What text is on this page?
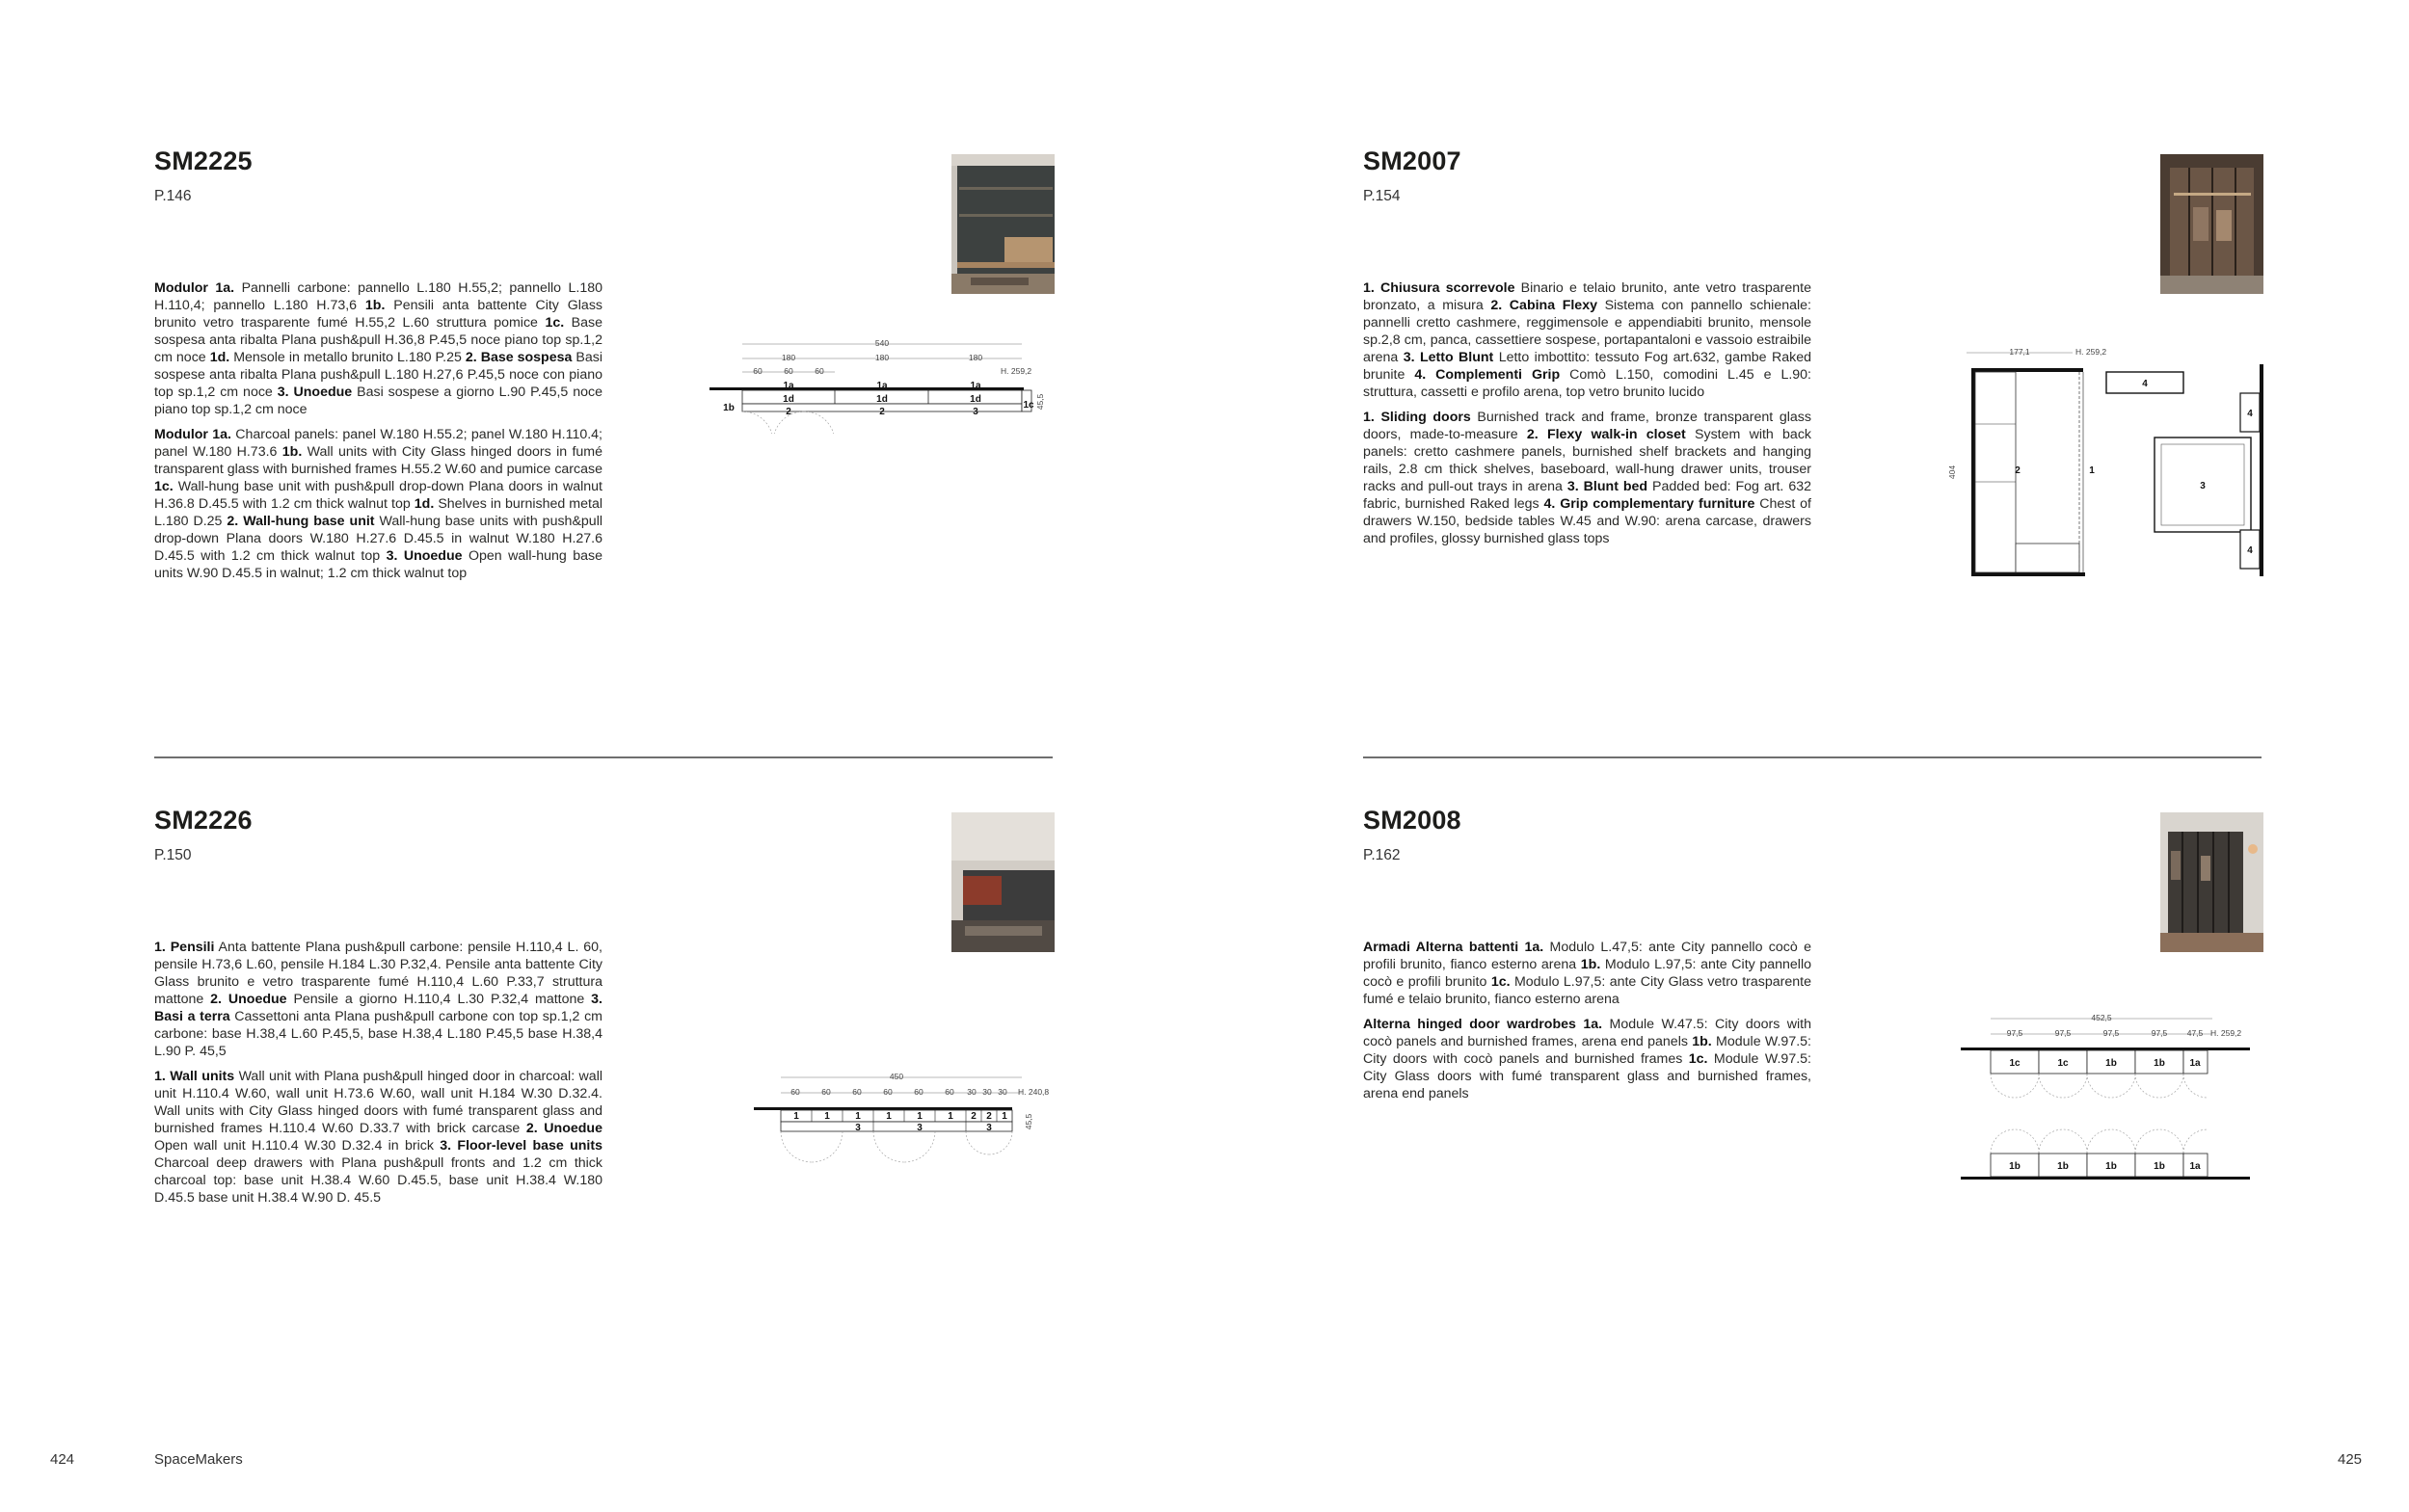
SM2225
P.146

Modulor 1a. Pannelli carbone: pannello L.180 H.55,2; pannello L.180 H.110,4; pannello L.180 H.73,6 1b. Pensili anta battente City Glass brunito vetro trasparente fumé H.55,2 L.60 struttura pomice 1c. Base sospesa anta ribalta Plana push&pull H.36,8 P.45,5 noce piano top sp.1,2 cm noce 1d. Mensole in metallo brunito L.180 P.25 2. Base sospesa Basi sospese anta ribalta Plana push&pull L.180 H.27,6 P.45,5 noce con piano top sp.1,2 cm noce 3. Unoedue Basi sospese a giorno L.90 P.45,5 noce piano top sp.1,2 cm noce

Modulor 1a. Charcoal panels: panel W.180 H.55.2; panel W.180 H.110.4; panel W.180 H.73.6 1b. Wall units with City Glass hinged doors in fumé transparent glass with burnished frames H.55.2 W.60 and pumice carcase 1c. Wall-hung base unit with push&pull drop-down Plana doors in walnut H.36.8 D.45.5 with 1.2 cm thick walnut top 1d. Shelves in burnished metal L.180 D.25 2. Wall-hung base unit Wall-hung base units with push&pull drop-down Plana doors W.180 H.27.6 D.45.5 in walnut W.180 H.27.6 D.45.5 with 1.2 cm thick walnut top 3. Unoedue Open wall-hung base units W.90 D.45.5 in walnut; 1.2 cm thick walnut top

540
180	180	180
60	60	60	H. 259,2
1a	1a	1a
1d	1d	1d
2	2	3
1b	1c 45,5
SM2007
P.154

1. Chiusura scorrevole Binario e telaio brunito, ante vetro trasparente bronzato, a misura 2. Cabina Flexy Sistema con pannello schienale: pannelli cretto cashmere, reggimensole e appendiabiti brunito, mensole sp.2,8 cm, panca, cassettiere sospese, portapantaloni e vassoio estraibile arena 3. Letto Blunt Letto imbottito: tessuto Fog art.632, gambe Raked brunite 4. Complementi Grip Comò L.150, comodini L.45 e L.90: struttura, cassetti e profilo arena, top vetro brunito lucido

1. Sliding doors Burnished track and frame, bronze transparent glass doors, made-to-measure 2. Flexy walk-in closet System with back panels: cretto cashmere panels, burnished shelf brackets and hanging rails, 2.8 cm thick shelves, baseboard, wall-hung drawer units, trouser racks and pull-out trays in arena 3. Blunt bed Padded bed: Fog art. 632 fabric, burnished Raked legs 4. Grip complementary furniture Chest of drawers W.150, bedside tables W.45 and W.90: arena carcase, drawers and profiles, glossy burnished glass tops

177,1	H. 259,2
404	2	1
4
3
4
4
SM2226
P.150

1. Pensili Anta battente Plana push&pull carbone: pensile H.110,4 L. 60, pensile H.73,6 L.60, pensile H.184 L.30 P.32,4. Pensile anta battente City Glass brunito e vetro trasparente fumé H.110,4 L.60 P.33,7 struttura mattone 2. Unoedue Pensile a giorno H.110,4 L.30 P.32,4 mattone 3. Basi a terra Cassettoni anta Plana push&pull carbone con top sp.1,2 cm carbone: base H.38,4 L.60 P.45,5, base H.38,4 L.180 P.45,5 base H.38,4 L.90 P. 45,5

1. Wall units Wall unit with Plana push&pull hinged door in charcoal: wall unit H.110.4 W.60, wall unit H.73.6 W.60, wall unit H.184 W.30 D.32.4. Wall units with City Glass hinged doors with fumé transparent glass and burnished frames H.110.4 W.60 D.33.7 with brick carcase 2. Unoedue Open wall unit H.110.4 W.30 D.32.4 in brick 3. Floor-level base units Charcoal deep drawers with Plana push&pull fronts and 1.2 cm thick charcoal top: base unit H.38.4 W.60 D.45.5, base unit H.38.4 W.180 D.45.5 base unit H.38.4 W.90 D. 45.5

450
60	60	60	60	60	60 30 30 30 H. 240,8
1	1	1	1	1	1 2 2 1
3	3	3	45,5
SM2008
P.162

Armadi Alterna battenti 1a. Modulo L.47,5: ante City pannello cocò e profili brunito, fianco esterno arena 1b. Modulo L.97,5: ante City pannello cocò e profili brunito 1c. Modulo L.97,5: ante City Glass vetro trasparente fumé e telaio brunito, fianco esterno arena

Alterna hinged door wardrobes 1a. Module W.47.5: City doors with cocò panels and burnished frames, arena end panels 1b. Module W.97.5: City doors with cocò panels and burnished frames 1c. Module W.97.5: City Glass doors with fumé transparent glass and burnished frames, arena end panels

452,5
97,5	97,5	97,5	97,5 47,5 H. 259,2
1c	1c	1b	1b	1a
1b	1b	1b	1b	1a
424	SpaceMakers	425
